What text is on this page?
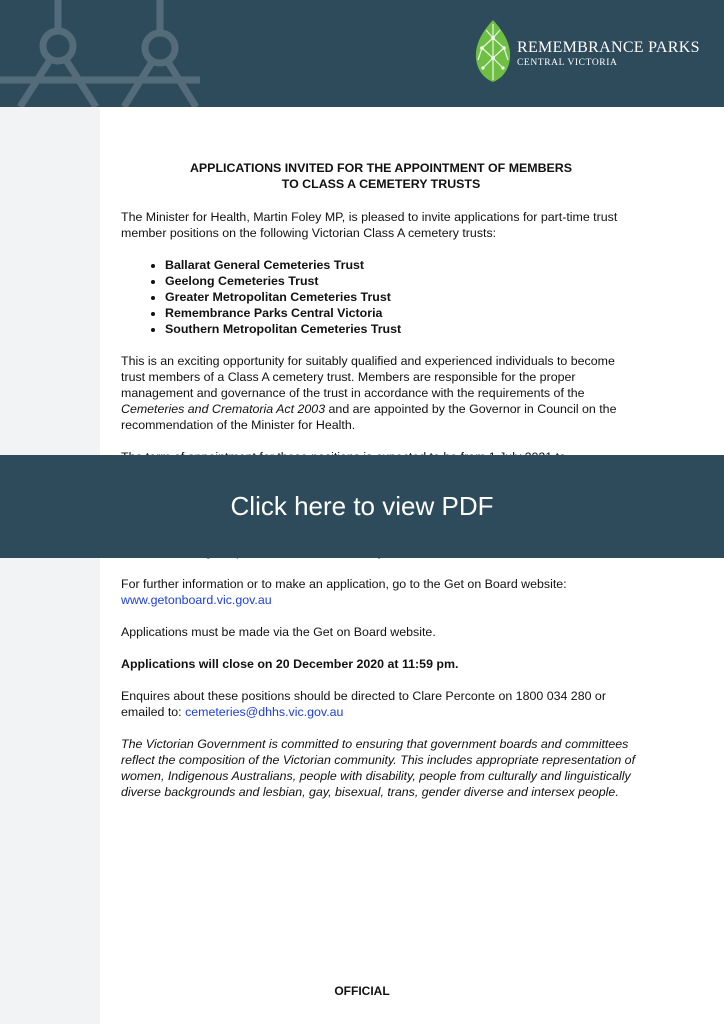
REMEMBRANCE PARKS
CENTRAL VICTORIA

APPLICATIONS INVITED FOR THE APPOINTMENT OF MEMBERS
TO CLASS A CEMETERY TRUSTS

The Minister for Health, Martin Foley MP, is pleased to invite applications for part-time trust member positions on the following Victorian Class A cemetery trusts:

• Ballarat General Cemeteries Trust
• Geelong Cemeteries Trust
• Greater Metropolitan Cemeteries Trust
• Remembrance Parks Central Victoria
• Southern Metropolitan Cemeteries Trust

This is an exciting opportunity for suitably qualified and experienced individuals to become trust members of a Class A cemetery trust. Members are responsible for the proper management and governance of the trust in accordance with the requirements of the Cemeteries and Crematoria Act 2003 and are appointed by the Governor in Council on the recommendation of the Minister for Health.

For further information or to make an application, go to the Get on Board website:
www.getonboard.vic.gov.au

Applications must be made via the Get on Board website.

Applications will close on 20 December 2020 at 11:59 pm.

Enquires about these positions should be directed to Clare Perconte on 1800 034 280 or emailed to: cemeteries@dhhs.vic.gov.au

The Victorian Government is committed to ensuring that government boards and committees reflect the composition of the Victorian community. This includes appropriate representation of women, Indigenous Australians, people with disability, people from culturally and linguistically diverse backgrounds and lesbian, gay, bisexual, trans, gender diverse and intersex people.

Click here to view PDF
OFFICIAL
